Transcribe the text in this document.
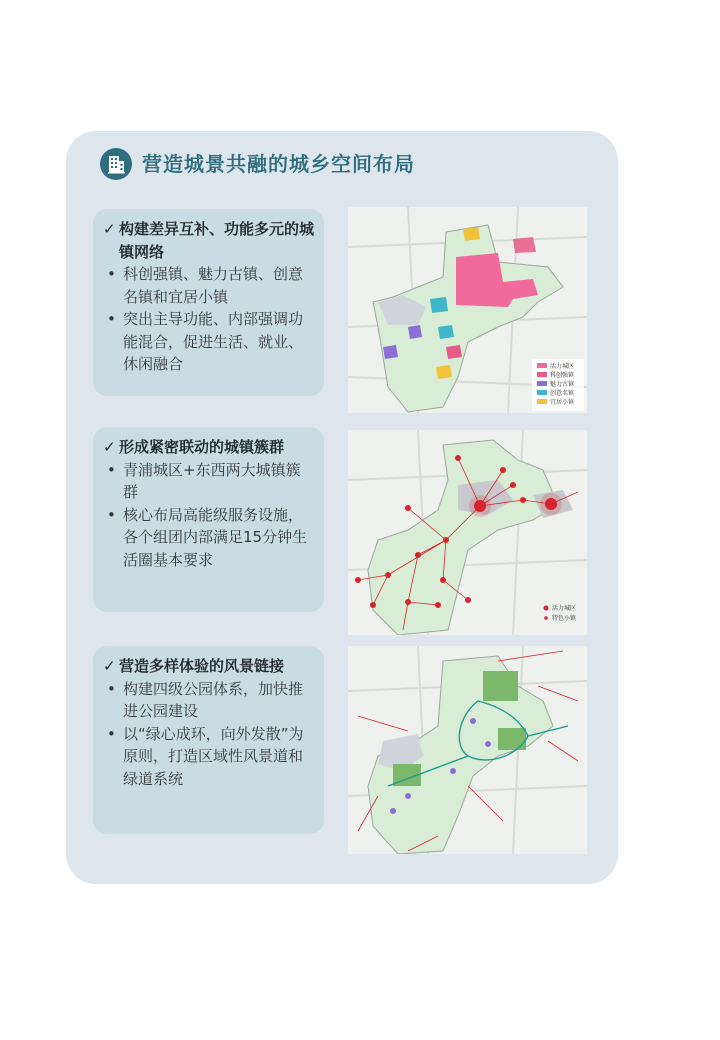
营造城景共融的城乡空间布局
✓ 构建差异互补、功能多元的城镇网络
• 科创强镇、魅力古镇、创意名镇和宜居小镇
• 突出主导功能、内部强调功能混合，促进生活、就业、休闲融合
✓ 形成紧密联动的城镇簇群
• 青浦城区+东西两大城镇簇群
• 核心布局高能级服务设施，各个组团内部满足15分钟生活圈基本要求
✓ 营造多样体验的风景链接
• 构建四级公园体系，加快推进公园建设
• 以“绿心成环，向外发散”为原则，打造区域性风景道和绿道系统
活力城区
科创强镇
魅力古镇
创意名镇
宜居小镇
活力城区
特色小镇
